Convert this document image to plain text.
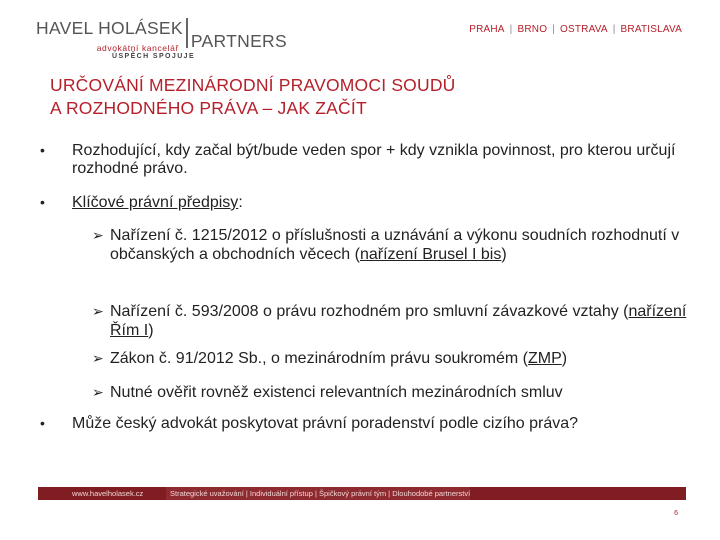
HAVEL HOLÁSEK
advokátní kancelář PARTNERS
ÚSPĚCH SPOJUJE
PRAHA | BRNO | OSTRAVA | BRATISLAVA
URČOVÁNÍ MEZINÁRODNÍ PRAVOMOCI SOUDŮ
A ROZHODNÉHO PRÁVA – JAK ZAČÍT
• Rozhodující, kdy začal být/bude veden spor + kdy vznikla povinnost, pro kterou určují rozhodné právo.
• Klíčové právní předpisy:
➢ Nařízení č. 1215/2012 o příslušnosti a uznávání a výkonu soudních rozhodnutí v občanských a obchodních věcech (nařízení Brusel I bis)
➢ Nařízení č. 593/2008 o právu rozhodném pro smluvní závazkové vztahy (nařízení Řím I)
➢ Zákon č. 91/2012 Sb., o mezinárodním právu soukromém (ZMP)
➢ Nutné ověřit rovněž existenci relevantních mezinárodních smluv
• Může český advokát poskytovat právní poradenství podle cizího práva?
www.havelholasek.cz	Strategické uvažování | Individuální přístup | Špičkový právní tým | Dlouhodobé partnerství
6
